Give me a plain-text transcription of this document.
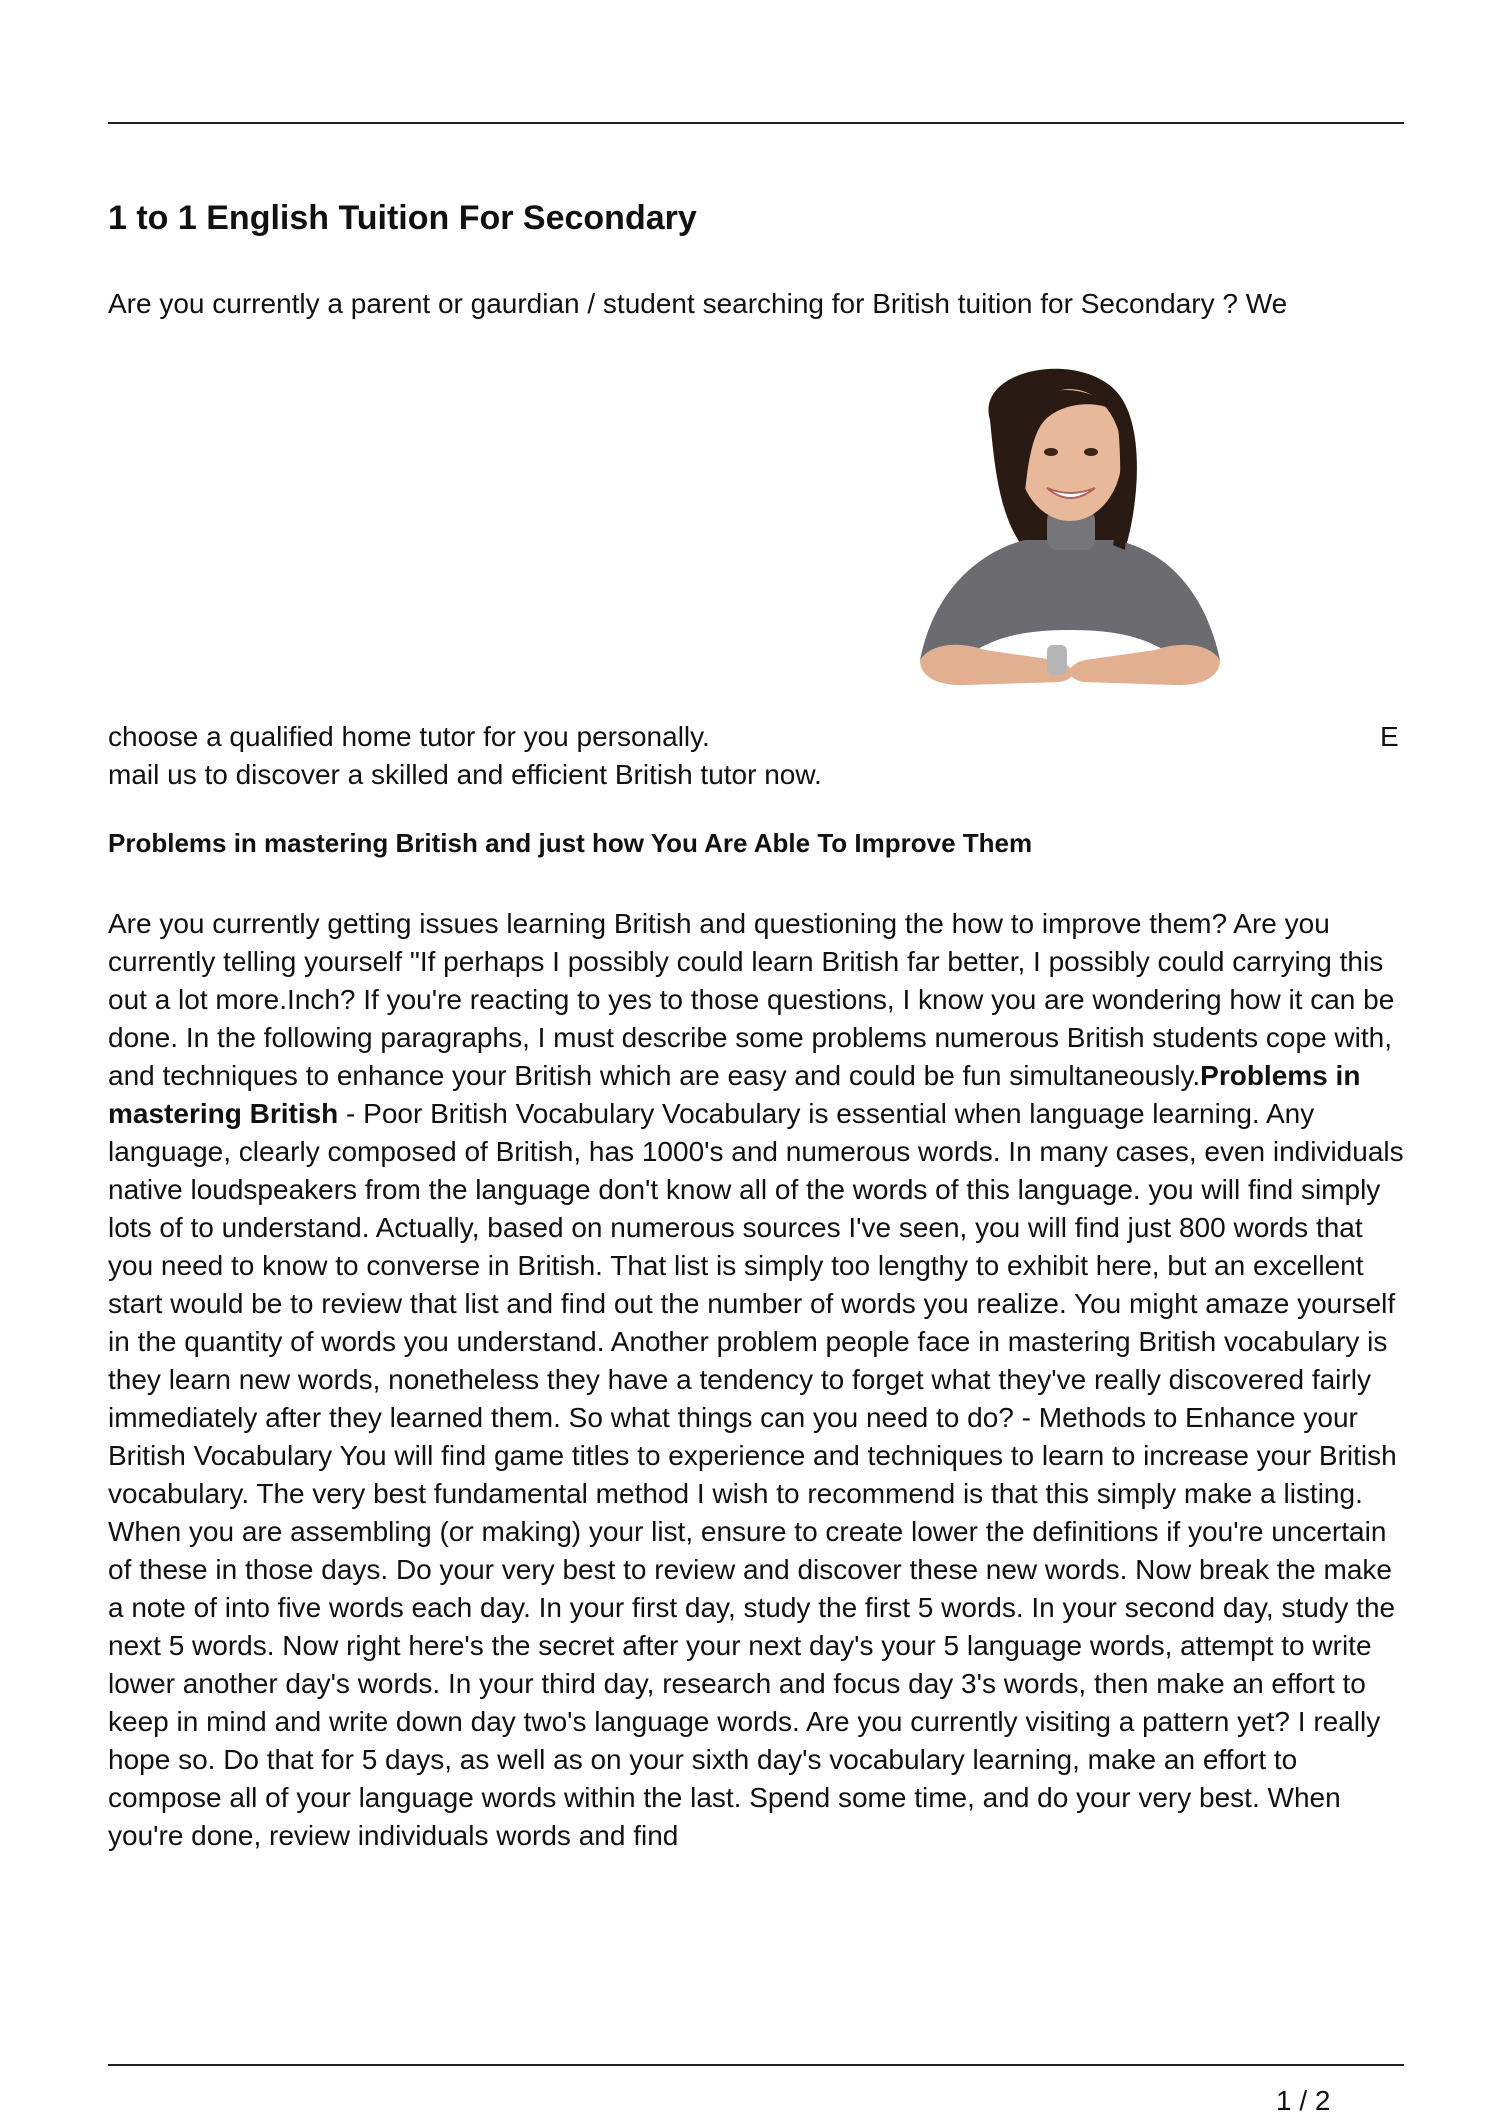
1 to 1 English Tuition For Secondary
Are you currently a parent or gaurdian / student searching for British tuition for Secondary ? We
choose a qualified home tutor for you personally.	E
mail us to discover a skilled and efficient British tutor now.
Problems in mastering British and just how You Are Able To Improve Them

Are you currently getting issues learning British and questioning the how to improve them? Are you currently telling yourself "If perhaps I possibly could learn British far better, I possibly could carrying this out a lot more.Inch? If you're reacting to yes to those questions, I know you are wondering how it can be done. In the following paragraphs, I must describe some problems numerous British students cope with, and techniques to enhance your British which are easy and could be fun simultaneously.Problems in mastering British - Poor British Vocabulary Vocabulary is essential when language learning. Any language, clearly composed of British, has 1000's and numerous words. In many cases, even individuals native loudspeakers from the language don't know all of the words of this language. you will find simply lots of to understand. Actually, based on numerous sources I've seen, you will find just 800 words that you need to know to converse in British. That list is simply too lengthy to exhibit here, but an excellent start would be to review that list and find out the number of words you realize. You might amaze yourself in the quantity of words you understand. Another problem people face in mastering British vocabulary is they learn new words, nonetheless they have a tendency to forget what they've really discovered fairly immediately after they learned them. So what things can you need to do? - Methods to Enhance your British Vocabulary You will find game titles to experience and techniques to learn to increase your British vocabulary. The very best fundamental method I wish to recommend is that this simply make a listing. When you are assembling (or making) your list, ensure to create lower the definitions if you're uncertain of these in those days. Do your very best to review and discover these new words. Now break the make a note of into five words each day. In your first day, study the first 5 words. In your second day, study the next 5 words. Now right here's the secret after your next day's your 5 language words, attempt to write lower another day's words. In your third day, research and focus day 3's words, then make an effort to keep in mind and write down day two's language words. Are you currently visiting a pattern yet? I really hope so. Do that for 5 days, as well as on your sixth day's vocabulary learning, make an effort to compose all of your language words within the last. Spend some time, and do your very best. When you're done, review individuals words and find

1 / 2
